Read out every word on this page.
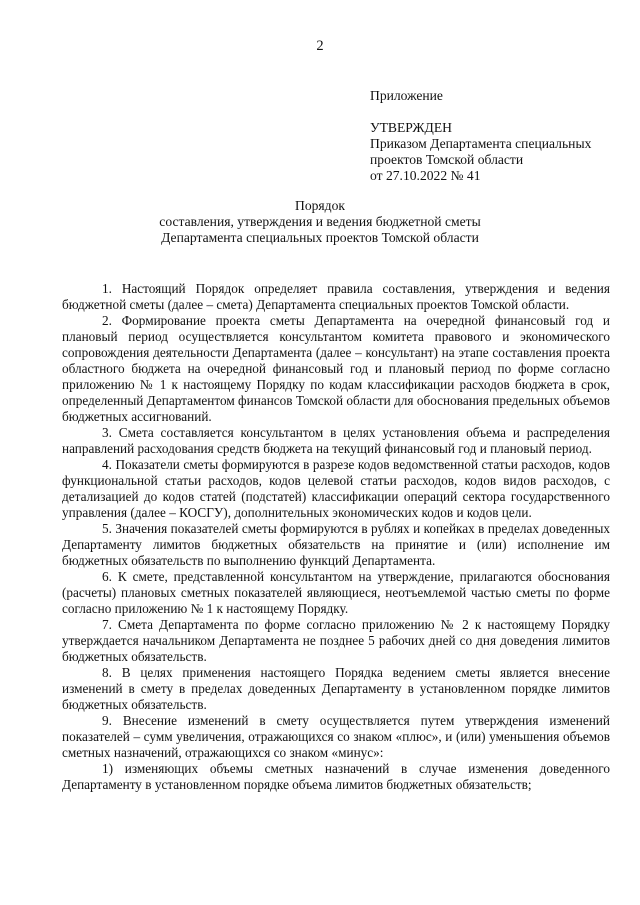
2
Приложение
УТВЕРЖДЕН
Приказом Департамента специальных
проектов Томской области
от 27.10.2022 № 41
Порядок
составления, утверждения и ведения бюджетной сметы
Департамента специальных проектов Томской области

1. Настоящий Порядок определяет правила составления, утверждения и ведения бюджетной сметы (далее – смета) Департамента специальных проектов Томской области.

2. Формирование проекта сметы Департамента на очередной финансовый год и плановый период осуществляется консультантом комитета правового и экономического сопровождения деятельности Департамента (далее – консультант) на этапе составления проекта областного бюджета на очередной финансовый год и плановый период по форме согласно приложению № 1 к настоящему Порядку по кодам классификации расходов бюджета в срок, определенный Департаментом финансов Томской области для обоснования предельных объемов бюджетных ассигнований.

3. Смета составляется консультантом в целях установления объема и распределения направлений расходования средств бюджета на текущий финансовый год и плановый период.

4. Показатели сметы формируются в разрезе кодов ведомственной статьи расходов, кодов функциональной статьи расходов, кодов целевой статьи расходов, кодов видов расходов, с детализацией до кодов статей (подстатей) классификации операций сектора государственного управления (далее – КОСГУ), дополнительных экономических кодов и кодов цели.

5. Значения показателей сметы формируются в рублях и копейках в пределах доведенных Департаменту лимитов бюджетных обязательств на принятие и (или) исполнение им бюджетных обязательств по выполнению функций Департамента.

6. К смете, представленной консультантом на утверждение, прилагаются обоснования (расчеты) плановых сметных показателей являющиеся, неотъемлемой частью сметы по форме согласно приложению № 1 к настоящему Порядку.

7. Смета Департамента по форме согласно приложению № 2 к настоящему Порядку утверждается начальником Департамента не позднее 5 рабочих дней со дня доведения лимитов бюджетных обязательств.

8. В целях применения настоящего Порядка ведением сметы является внесение изменений в смету в пределах доведенных Департаменту в установленном порядке лимитов бюджетных обязательств.

9. Внесение изменений в смету осуществляется путем утверждения изменений показателей – сумм увеличения, отражающихся со знаком «плюс», и (или) уменьшения объемов сметных назначений, отражающихся со знаком «минус»:

1) изменяющих объемы сметных назначений в случае изменения доведенного Департаменту в установленном порядке объема лимитов бюджетных обязательств;
